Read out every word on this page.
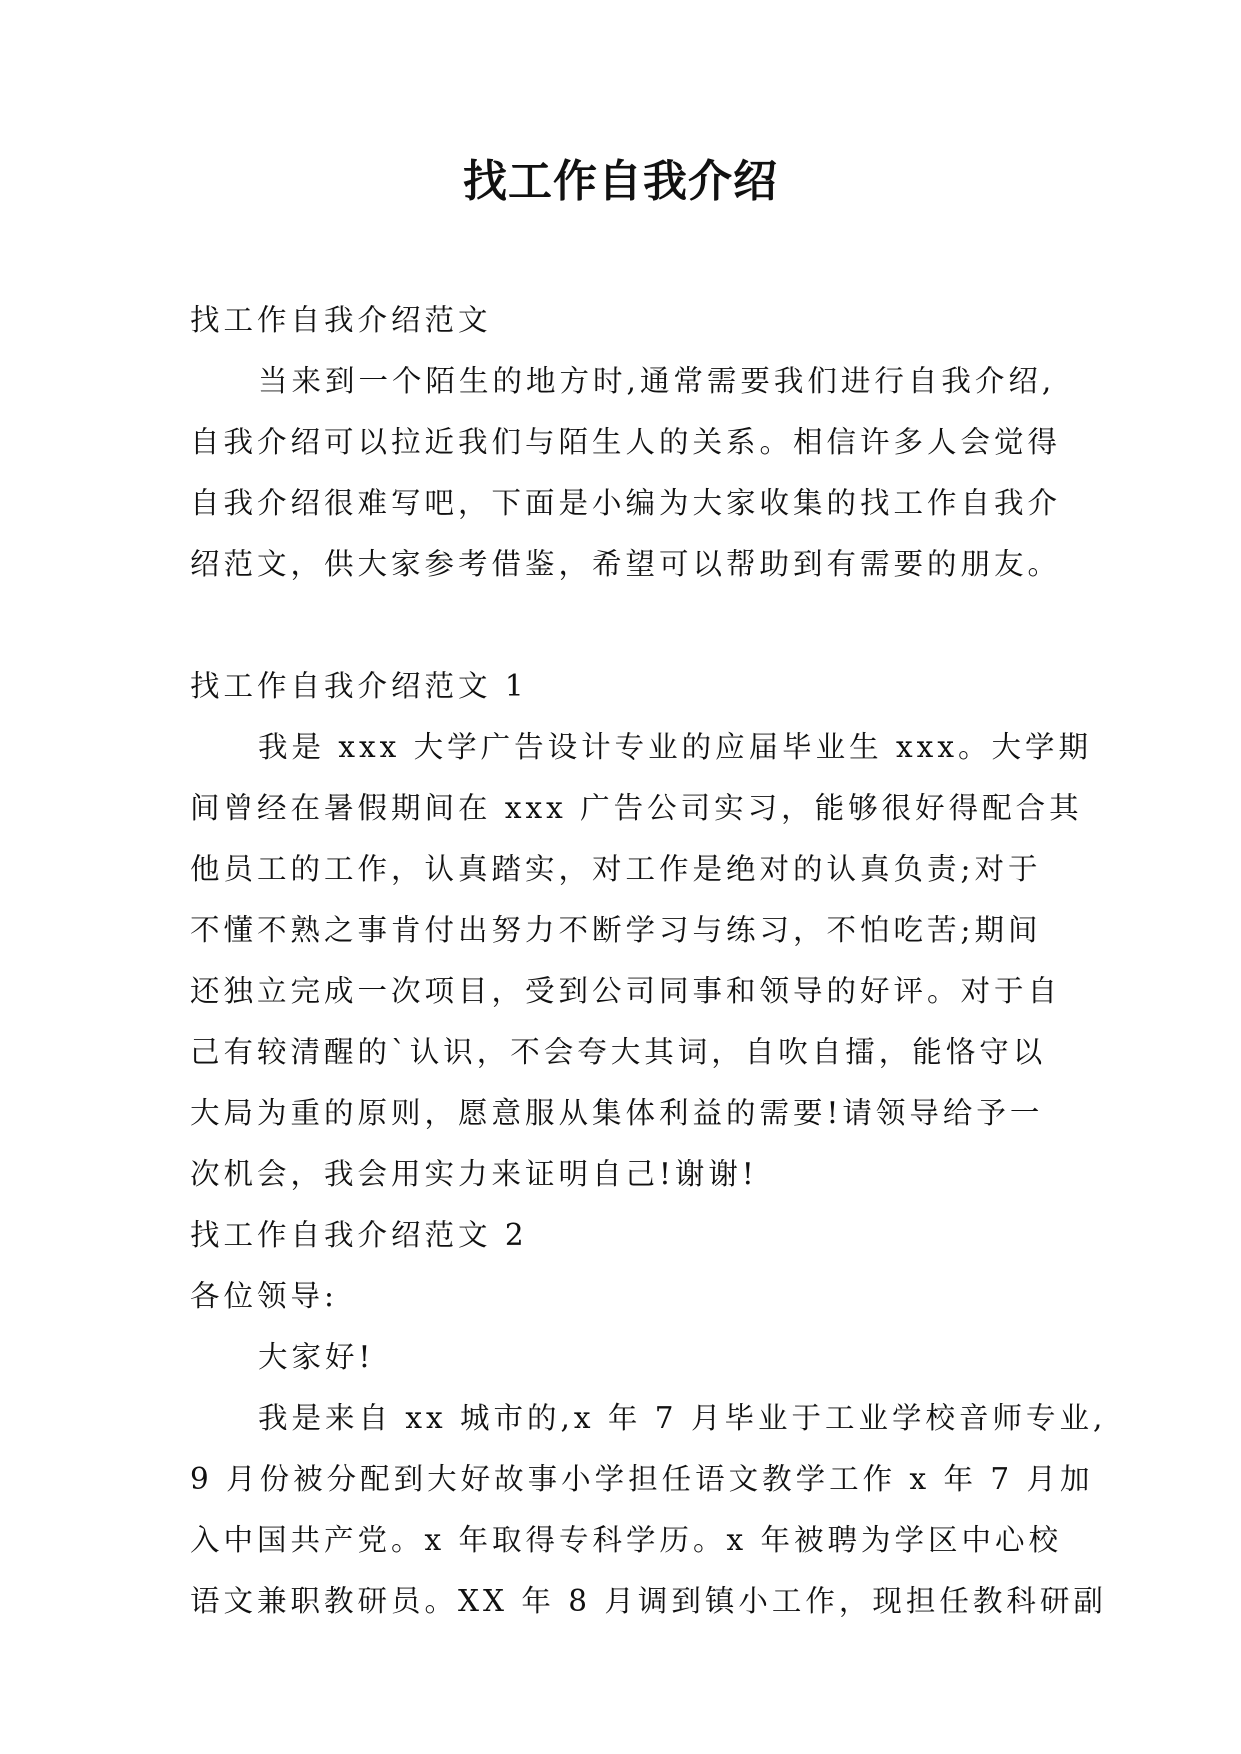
找工作自我介绍
找工作自我介绍范文
当来到一个陌生的地方时,通常需要我们进行自我介绍,
自我介绍可以拉近我们与陌生人的关系。相信许多人会觉得
自我介绍很难写吧，下面是小编为大家收集的找工作自我介
绍范文，供大家参考借鉴，希望可以帮助到有需要的朋友。
找工作自我介绍范文 1
我是 xxx 大学广告设计专业的应届毕业生 xxx。大学期
间曾经在暑假期间在 xxx 广告公司实习，能够很好得配合其
他员工的工作，认真踏实，对工作是绝对的认真负责;对于
不懂不熟之事肯付出努力不断学习与练习，不怕吃苦;期间
还独立完成一次项目，受到公司同事和领导的好评。对于自
己有较清醒的`认识，不会夸大其词，自吹自擂，能恪守以
大局为重的原则，愿意服从集体利益的需要!请领导给予一
次机会，我会用实力来证明自己!谢谢!
找工作自我介绍范文 2
各位领导:
大家好!
我是来自 xx 城市的,x 年 7 月毕业于工业学校音师专业,
9 月份被分配到大好故事小学担任语文教学工作 x 年 7 月加
入中国共产党。x 年取得专科学历。x 年被聘为学区中心校
语文兼职教研员。XX 年 8 月调到镇小工作，现担任教科研副
